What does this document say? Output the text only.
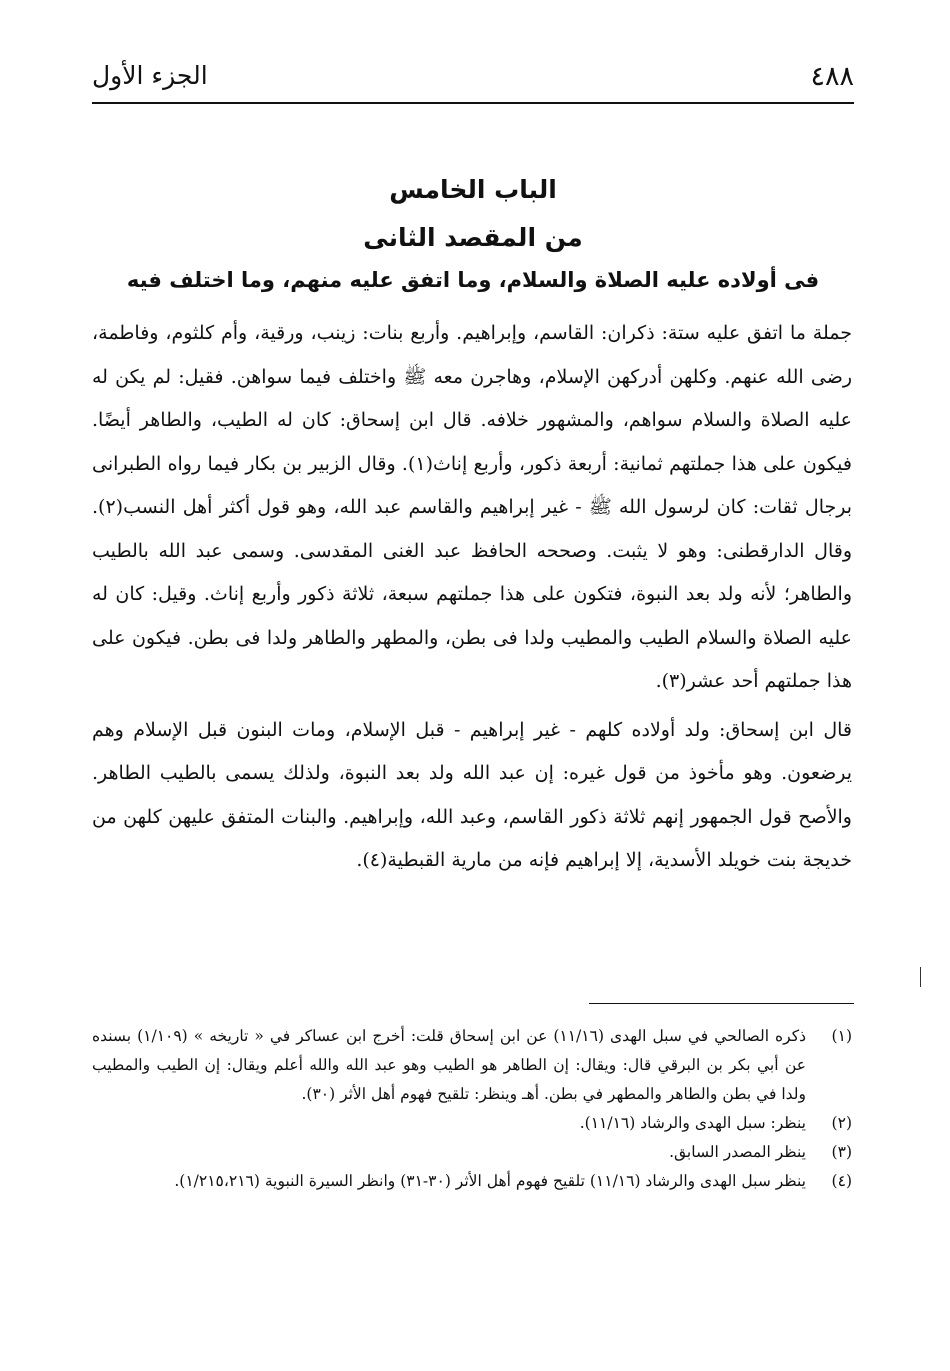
٤٨٨
الجزء الأول
الباب الخامس
من المقصد الثانى
فى أولاده عليه الصلاة والسلام، وما اتفق عليه منهم، وما اختلف فيه

جملة ما اتفق عليه ستة: ذكران: القاسم، وإبراهيم. وأربع بنات: زينب، ورقية، وأم كلثوم، وفاطمة، رضى الله عنهم. وكلهن أدركهن الإسلام، وهاجرن معه ﷺ واختلف فيما سواهن. فقيل: لم يكن له عليه الصلاة والسلام سواهم، والمشهور خلافه. قال ابن إسحاق: كان له الطيب، والطاهر أيضًا. فيكون على هذا جملتهم ثمانية: أربعة ذكور، وأربع إناث(١). وقال الزبير بن بكار فيما رواه الطبرانى برجال ثقات: كان لرسول الله ﷺ - غير إبراهيم والقاسم عبد الله، وهو قول أكثر أهل النسب(٢). وقال الدارقطنى: وهو لا يثبت. وصححه الحافظ عبد الغنى المقدسى. وسمى عبد الله بالطيب والطاهر؛ لأنه ولد بعد النبوة، فتكون على هذا جملتهم سبعة، ثلاثة ذكور وأربع إناث. وقيل: كان له عليه الصلاة والسلام الطيب والمطيب ولدا فى بطن، والمطهر والطاهر ولدا فى بطن. فيكون على هذا جملتهم أحد عشر(٣).

قال ابن إسحاق: ولد أولاده كلهم - غير إبراهيم - قبل الإسلام، ومات البنون قبل الإسلام وهم يرضعون. وهو مأخوذ من قول غيره: إن عبد الله ولد بعد النبوة، ولذلك يسمى بالطيب الطاهر. والأصح قول الجمهور إنهم ثلاثة ذكور القاسم، وعبد الله، وإبراهيم. والبنات المتفق عليهن كلهن من خديجة بنت خويلد الأسدية، إلا إبراهيم فإنه من مارية القبطية(٤).

(١)
ذكره الصالحي في سبل الهدى (١١/١٦) عن ابن إسحاق قلت: أخرج ابن عساكر في « تاريخه » (١/١٠٩) بسنده عن أبي بكر بن البرقي قال: ويقال: إن الطاهر هو الطيب وهو عبد الله والله أعلم ويقال: إن الطيب والمطيب ولدا في بطن والطاهر والمطهر في بطن. أهـ وينظر: تلقيح فهوم أهل الأثر (٣٠).
(٢)
ينظر: سبل الهدى والرشاد (١١/١٦).
(٣)
ينظر المصدر السابق.
(٤)
ينظر سبل الهدى والرشاد (١١/١٦) تلقيح فهوم أهل الأثر (٣٠-٣١) وانظر السيرة النبوية (١/٢١٥،٢١٦).
